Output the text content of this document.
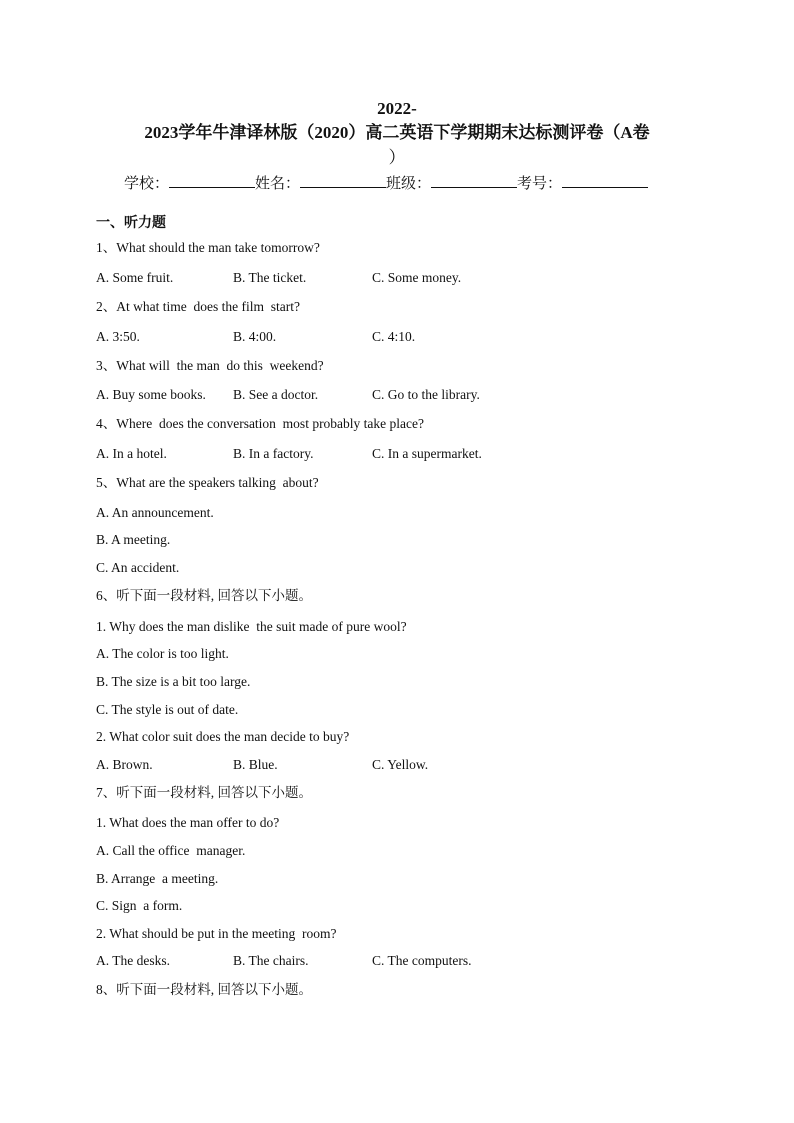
2022-
2023学年牛津译林版（2020）高二英语下学期期末达标测评卷（A卷
）
学校：	姓名：	班级：	考号：
一、听力题
1、What should the man take tomorrow?
A. Some fruit.	B. The ticket.	C. Some money.
2、At what time  does the film  start?
A. 3:50.	B. 4:00.	C. 4:10.
3、What will  the man  do this  weekend?
A. Buy some books. B. See a doctor.	C. Go to the library.
4、Where  does the conversation  most probably take place?
A. In a hotel.	B. In a factory.	C. In a supermarket.
5、What are the speakers talking  about?
A. An announcement.
B. A meeting.
C. An accident.
6、听下面一段材料, 回答以下小题。
1. Why does the man dislike  the suit made of pure wool?
A. The color is too light.
B. The size is a bit too large.
C. The style is out of date.
2. What color suit does the man decide to buy?
A. Brown.	B. Blue.	C. Yellow.
7、听下面一段材料, 回答以下小题。
1. What does the man offer to do?
A. Call the office  manager.
B. Arrange  a meeting.
C. Sign  a form.
2. What should be put in the meeting  room?
A. The desks.	B. The chairs.	C. The computers.
8、听下面一段材料, 回答以下小题。
